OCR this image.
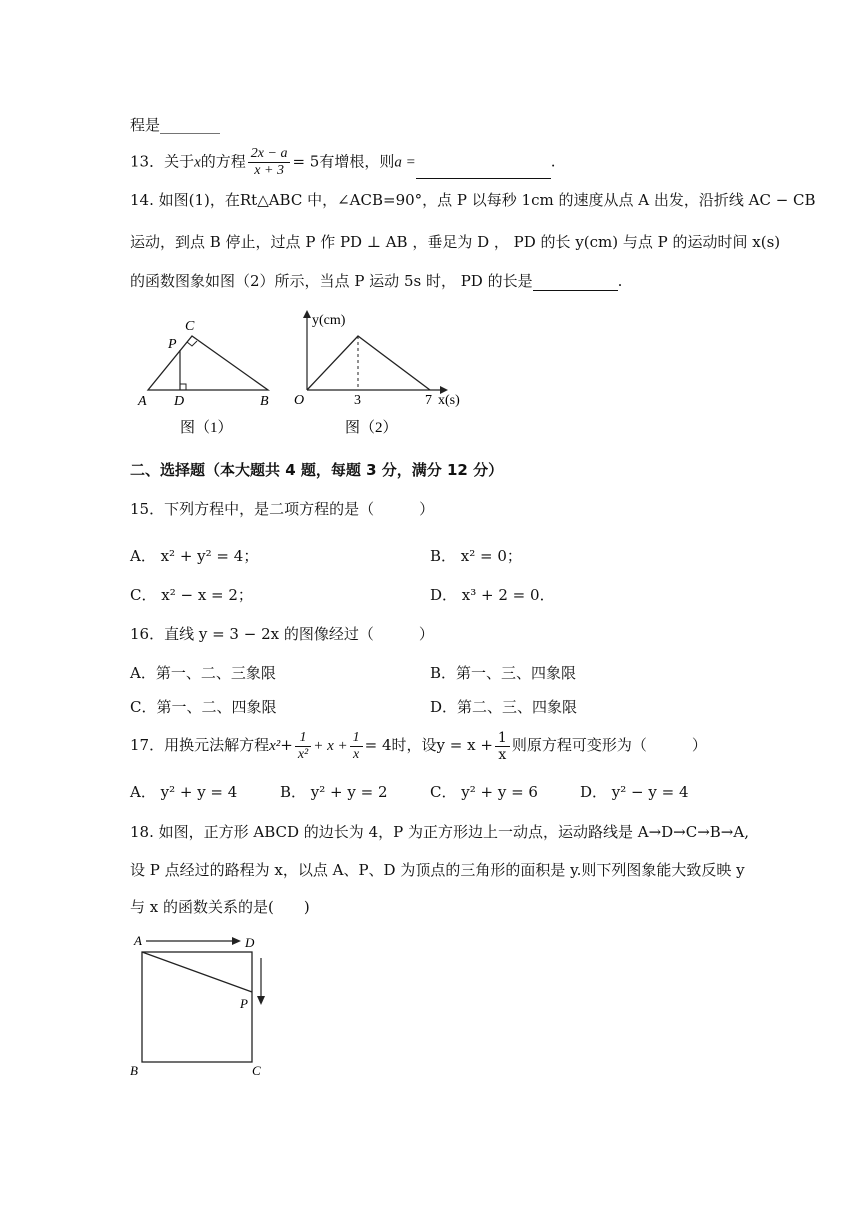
程是________
13．关于x的方程 $\frac{2x - a}{x + 3} = 5$有增根，则a =	.
14. 如图(1)，在Rt△ABC 中，∠ACB=90°，点 P 以每秒 1cm 的速度从点 A 出发，沿折线 AC − CB
运动，到点 B 停止，过点 P 作 PD ⊥ AB ，垂足为 D ， PD 的长 y(cm) 与点 P 的运动时间 x(s)
的函数图象如图（2）所示，当点 P 运动 5s 时， PD 的长是	.
C
P
A D	B
图（1）
y(cm)
x(s)
O	3	7
图（2）
二、选择题（本大题共 4 题，每题 3 分，满分 12 分）
15．下列方程中，是二项方程的是（　　　）
A． x² + y² = 4；	B． x² = 0；
C． x² − x = 2；	D． x³ + 2 = 0．
16．直线 y = 3 − 2x 的图像经过（　　　）
A．第一、二、三象限	B．第一、三、四象限
C．第一、二、四象限	D．第二、三、四象限
17．用换元法解方程$x^2+ \frac{1}{\text{x²}} + x + \frac{1}{x} = 4$时，设$y = x + \frac{1}{x}$ 则原方程可变形为（　　　）
A． y² + y = 4	B． y² + y = 2	C． y² + y = 6	D． y² − y = 4
18. 如图，正方形 ABCD 的边长为 4，P 为正方形边上一动点，运动路线是 A→D→C→B→A,
设 P 点经过的路程为 x，以点 A、P、D 为顶点的三角形的面积是 y.则下列图象能大致反映 y
与 x 的函数关系的是(　　)
A	D
P
B	C
